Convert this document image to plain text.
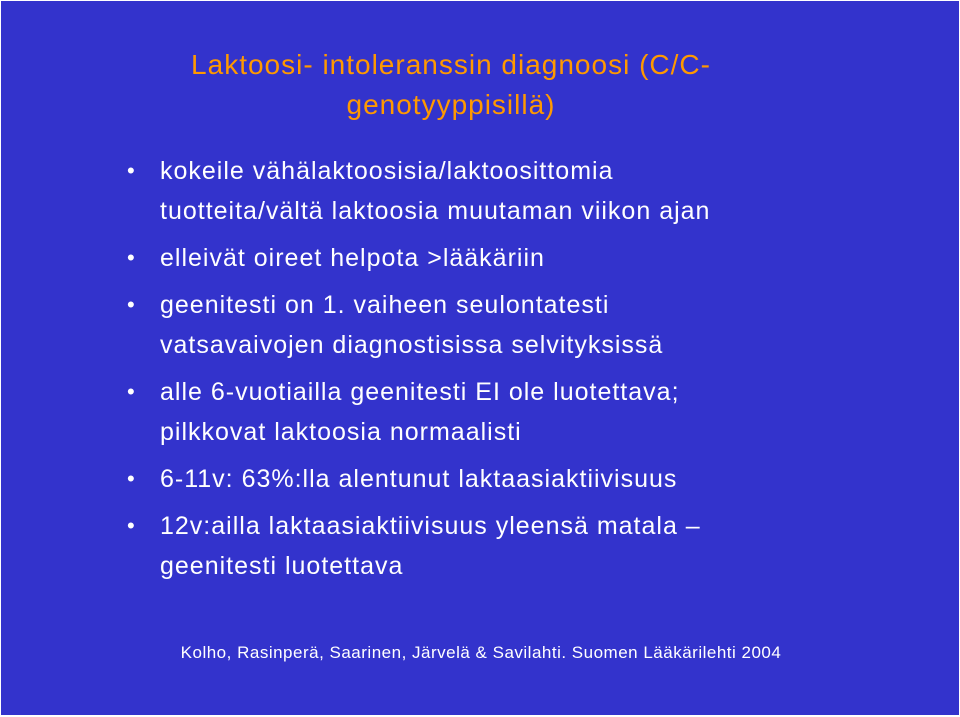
Laktoosi- intoleranssin diagnoosi (C/C-
genotyyppisillä)
• kokeile vähälaktoosisia/laktoosittomia
tuotteita/vältä laktoosia muutaman viikon ajan
• elleivät oireet helpota >lääkäriin
• geenitesti on 1. vaiheen seulontatesti
vatsavaivojen diagnostisissa selvityksissä
• alle 6-vuotiailla geenitesti EI ole luotettava;
pilkkovat laktoosia normaalisti
• 6-11v: 63%:lla alentunut laktaasiaktiivisuus
• 12v:ailla laktaasiaktiivisuus yleensä matala –
geenitesti luotettava
Kolho, Rasinperä, Saarinen, Järvelä & Savilahti. Suomen Lääkärilehti 2004
